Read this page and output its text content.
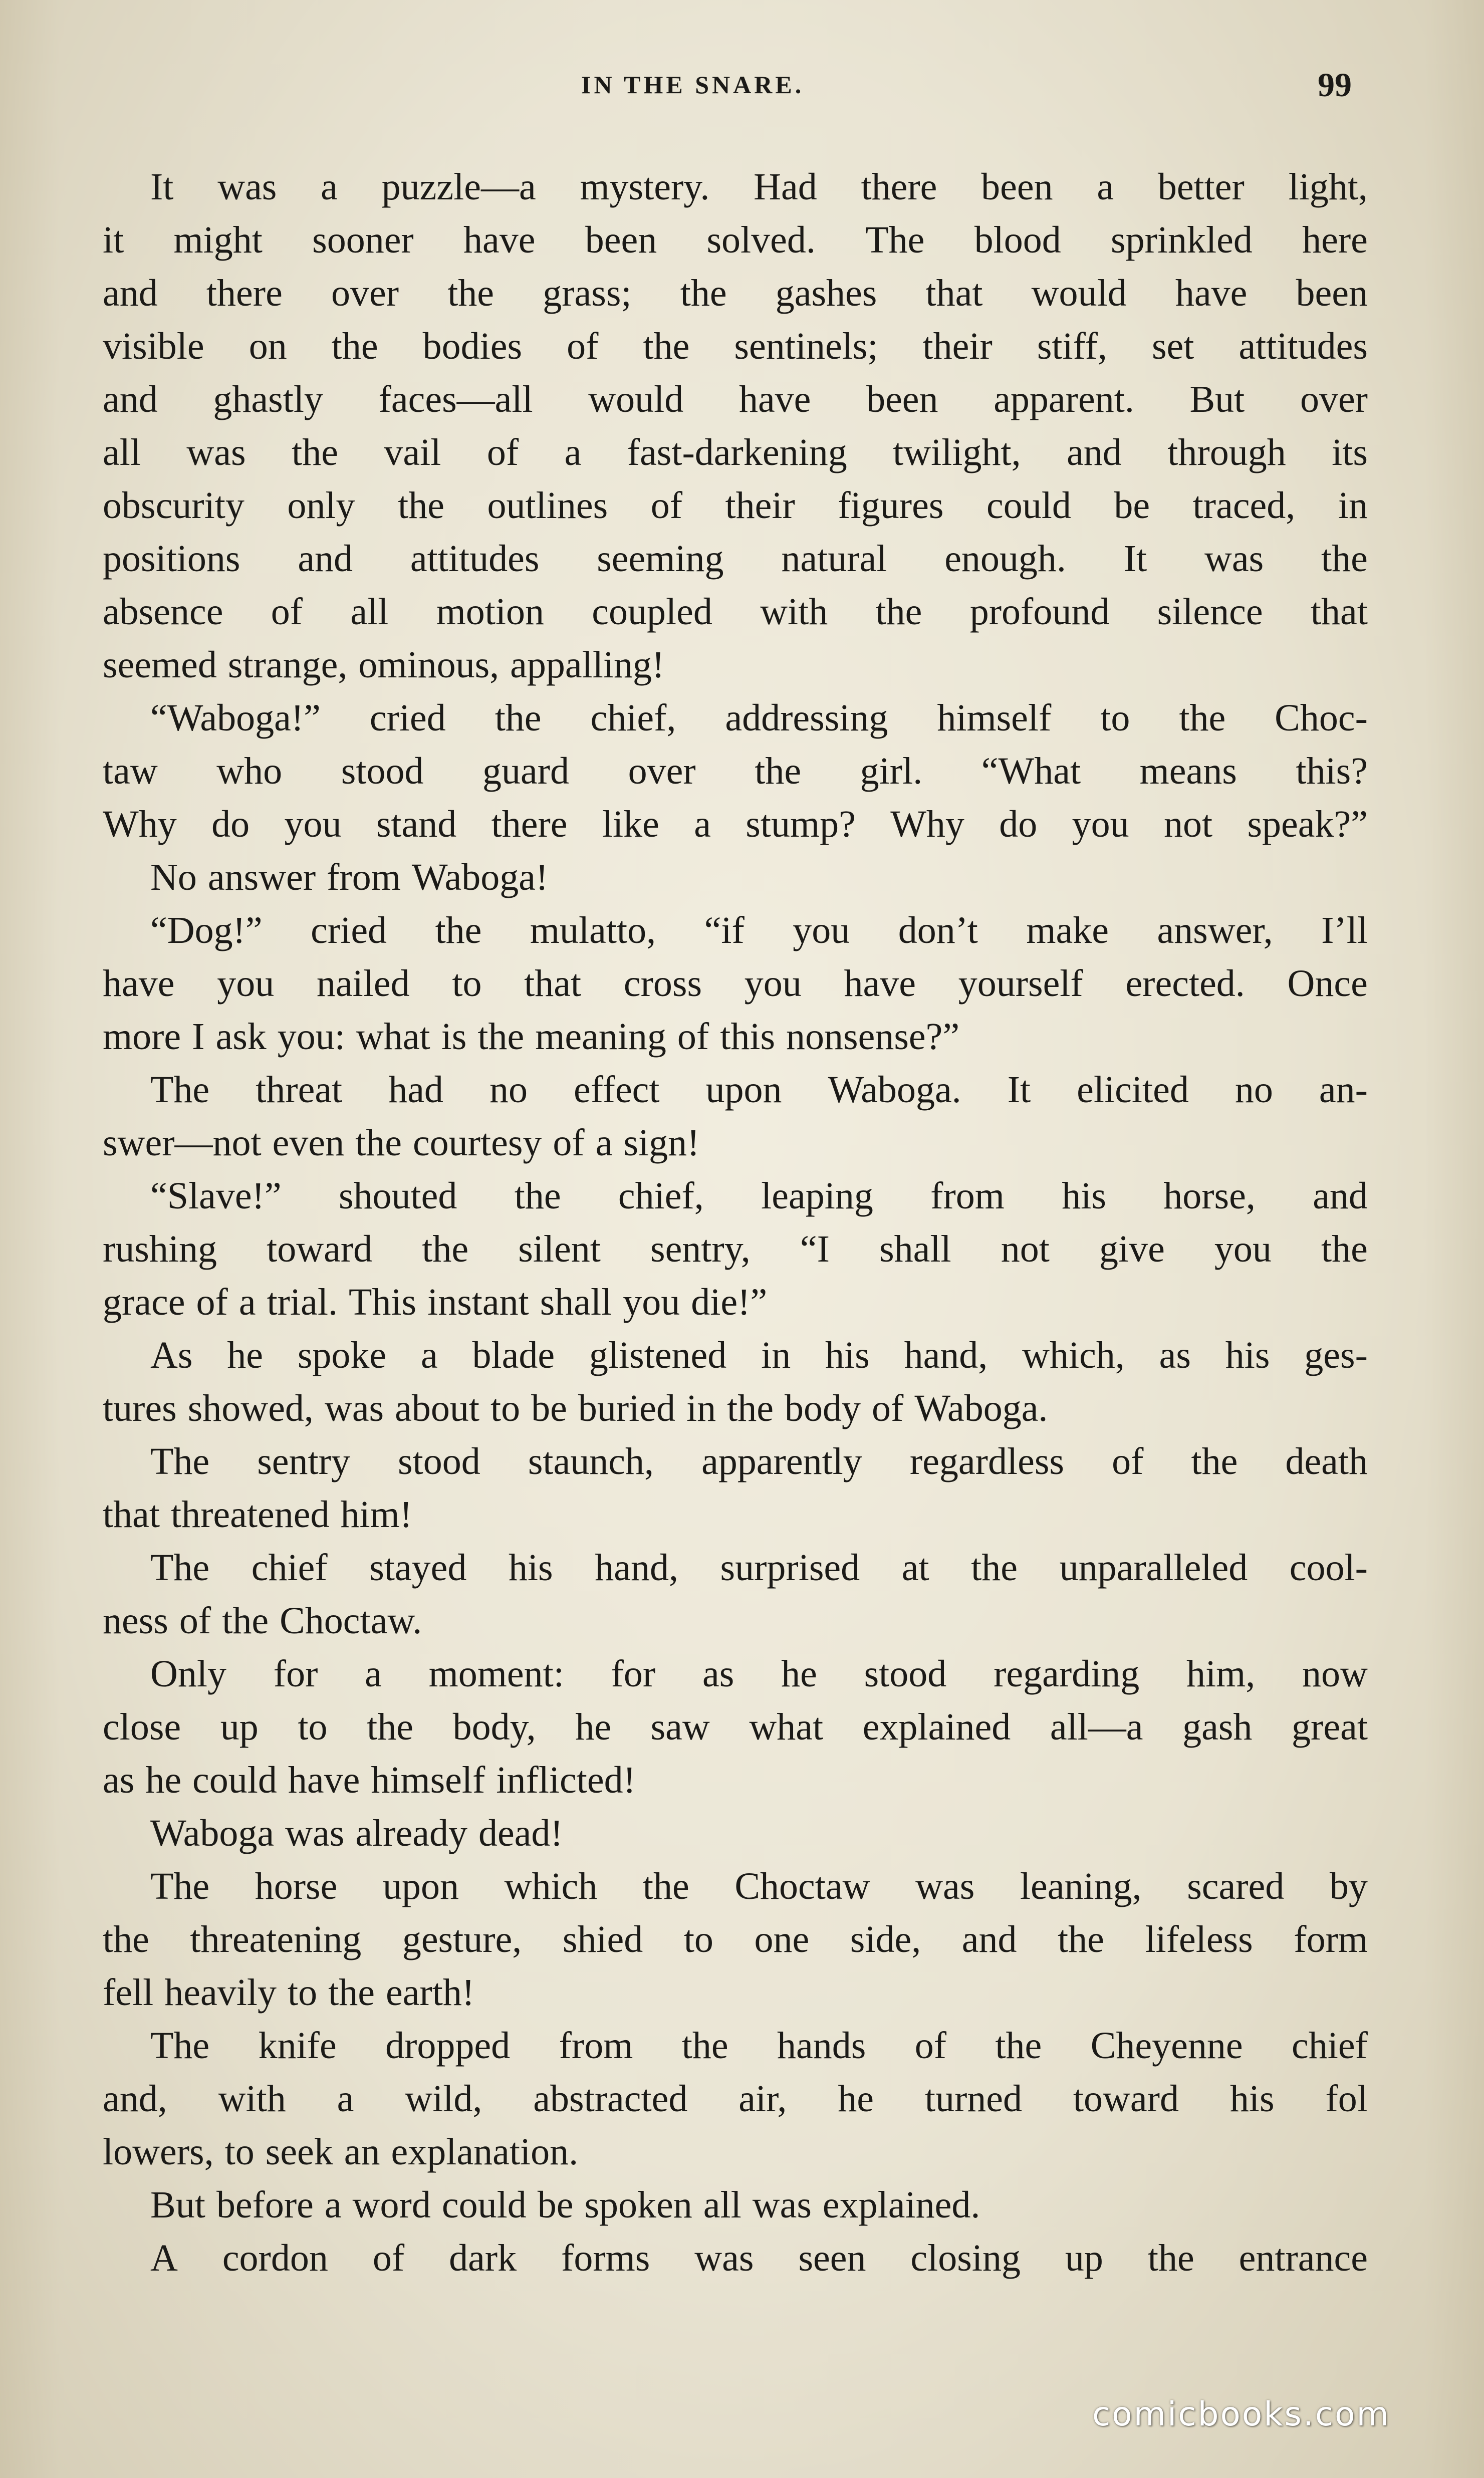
IN THE SNARE.	99
It was a puzzle—a mystery. Had there been a better light,
it might sooner have been solved. The blood sprinkled here
and there over the grass; the gashes that would have been
visible on the bodies of the sentinels; their stiff, set attitudes
and ghastly faces—all would have been apparent. But over
all was the vail of a fast-darkening twilight, and through its
obscurity only the outlines of their figures could be traced, in
positions and attitudes seeming natural enough. It was the
absence of all motion coupled with the profound silence that
seemed strange, ominous, appalling!
“Waboga!” cried the chief, addressing himself to the Choc-
taw who stood guard over the girl. “What means this?
Why do you stand there like a stump? Why do you not speak?”
No answer from Waboga!
“Dog!” cried the mulatto, “if you don’t make answer, I’ll
have you nailed to that cross you have yourself erected. Once
more I ask you: what is the meaning of this nonsense?”
The threat had no effect upon Waboga. It elicited no an-
swer—not even the courtesy of a sign!
“Slave!” shouted the chief, leaping from his horse, and
rushing toward the silent sentry, “I shall not give you the
grace of a trial. This instant shall you die!”
As he spoke a blade glistened in his hand, which, as his ges-
tures showed, was about to be buried in the body of Waboga.
The sentry stood staunch, apparently regardless of the death
that threatened him!
The chief stayed his hand, surprised at the unparalleled cool-
ness of the Choctaw.
Only for a moment: for as he stood regarding him, now
close up to the body, he saw what explained all—a gash great
as he could have himself inflicted!
Waboga was already dead!
The horse upon which the Choctaw was leaning, scared by
the threatening gesture, shied to one side, and the lifeless form
fell heavily to the earth!
The knife dropped from the hands of the Cheyenne chief
and, with a wild, abstracted air, he turned toward his fol
lowers, to seek an explanation.
But before a word could be spoken all was explained.
A cordon of dark forms was seen closing up the entrance
comicbooks.com
